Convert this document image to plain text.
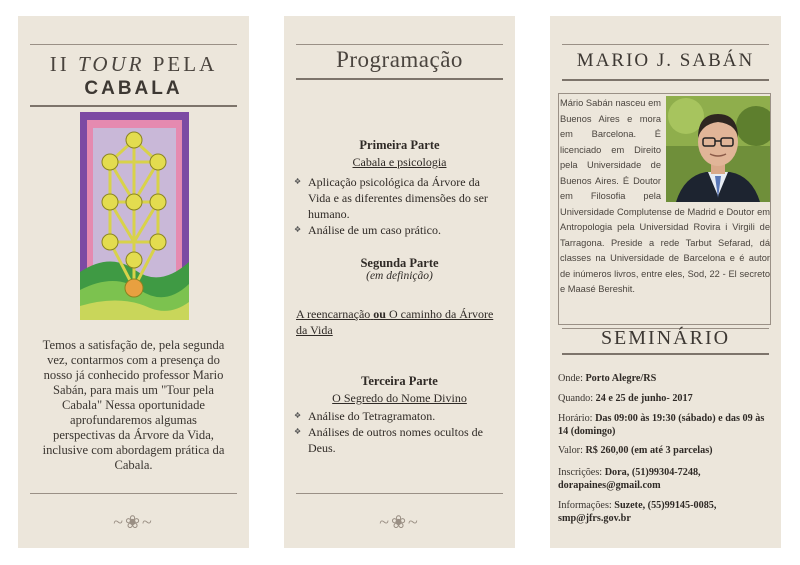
II TOUR PELA
CABALA
Temos a satisfação de, pela segunda vez, contarmos com a presença do nosso já conhecido professor Mario Sabán, para mais um "Tour pela Cabala" Nessa oportunidade aprofundaremos algumas perspectivas da Árvore da Vida, inclusive com abordagem prática da Cabala.
~❀~
Programação
Primeira Parte
Cabala e psicologia
❖ Aplicação psicológica da Árvore da Vida e as diferentes dimensões do ser humano.
❖ Análise de um caso prático.
Segunda Parte
(em definição)
A reencarnação ou O caminho da Árvore da Vida
Terceira Parte
O Segredo do Nome Divino
❖ Análise do Tetragramaton.
❖ Análises de outros nomes ocultos de Deus.
~❀~
MARIO J. SABÁN
Mário Sabán nasceu em Buenos Aires e mora em Barcelona. É licenciado em Direito pela Universidade de Buenos Aires. É Doutor em Filosofia pela Universidade Complutense de Madrid e Doutor em Antropologia pela Universidad Rovira i Virgili de Tarragona. Preside a rede Tarbut Sefarad, dá classes na Universidade de Barcelona e é autor de inúmeros livros, entre eles, Sod, 22 - El secreto e Maasé Bereshit.
SEMINÁRIO
Onde: Porto Alegre/RS
Quando: 24 e 25 de junho- 2017
Horário: Das 09:00 às 19:30 (sábado) e das 09 às 14 (domingo)
Valor: R$ 260,00 (em até 3 parcelas)
Inscrições: Dora, (51)99304-7248, dorapaines@gmail.com
Informações: Suzete, (55)99145-0085, smp@jfrs.gov.br
